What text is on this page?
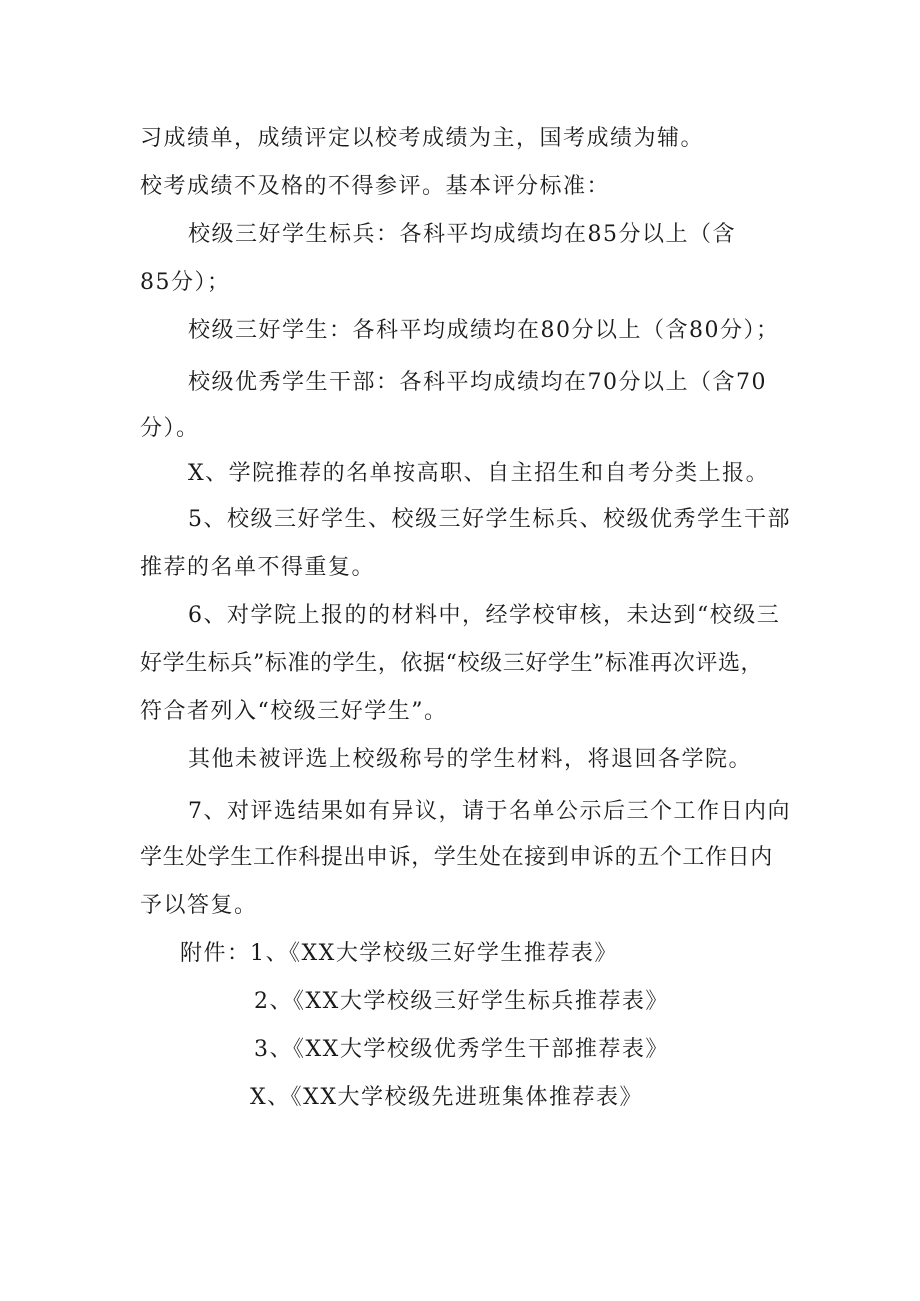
习成绩单，成绩评定以校考成绩为主，国考成绩为辅。
校考成绩不及格的不得参评。基本评分标准：
校级三好学生标兵：各科平均成绩均在85分以上（含
85分）；
校级三好学生：各科平均成绩均在80分以上（含80分）；
校级优秀学生干部：各科平均成绩均在70分以上（含70
分）。
X、学院推荐的名单按高职、自主招生和自考分类上报。
5、校级三好学生、校级三好学生标兵、校级优秀学生干部
推荐的名单不得重复。
6、对学院上报的的材料中，经学校审核，未达到“校级三
好学生标兵”标准的学生，依据“校级三好学生”标准再次评选，
符合者列入“校级三好学生”。
其他未被评选上校级称号的学生材料，将退回各学院。
7、对评选结果如有异议，请于名单公示后三个工作日内向
学生处学生工作科提出申诉，学生处在接到申诉的五个工作日内
予以答复。
附件： 1、《XX大学校级三好学生推荐表》
2、《XX大学校级三好学生标兵推荐表》
3、《XX大学校级优秀学生干部推荐表》
X、《XX大学校级先进班集体推荐表》
